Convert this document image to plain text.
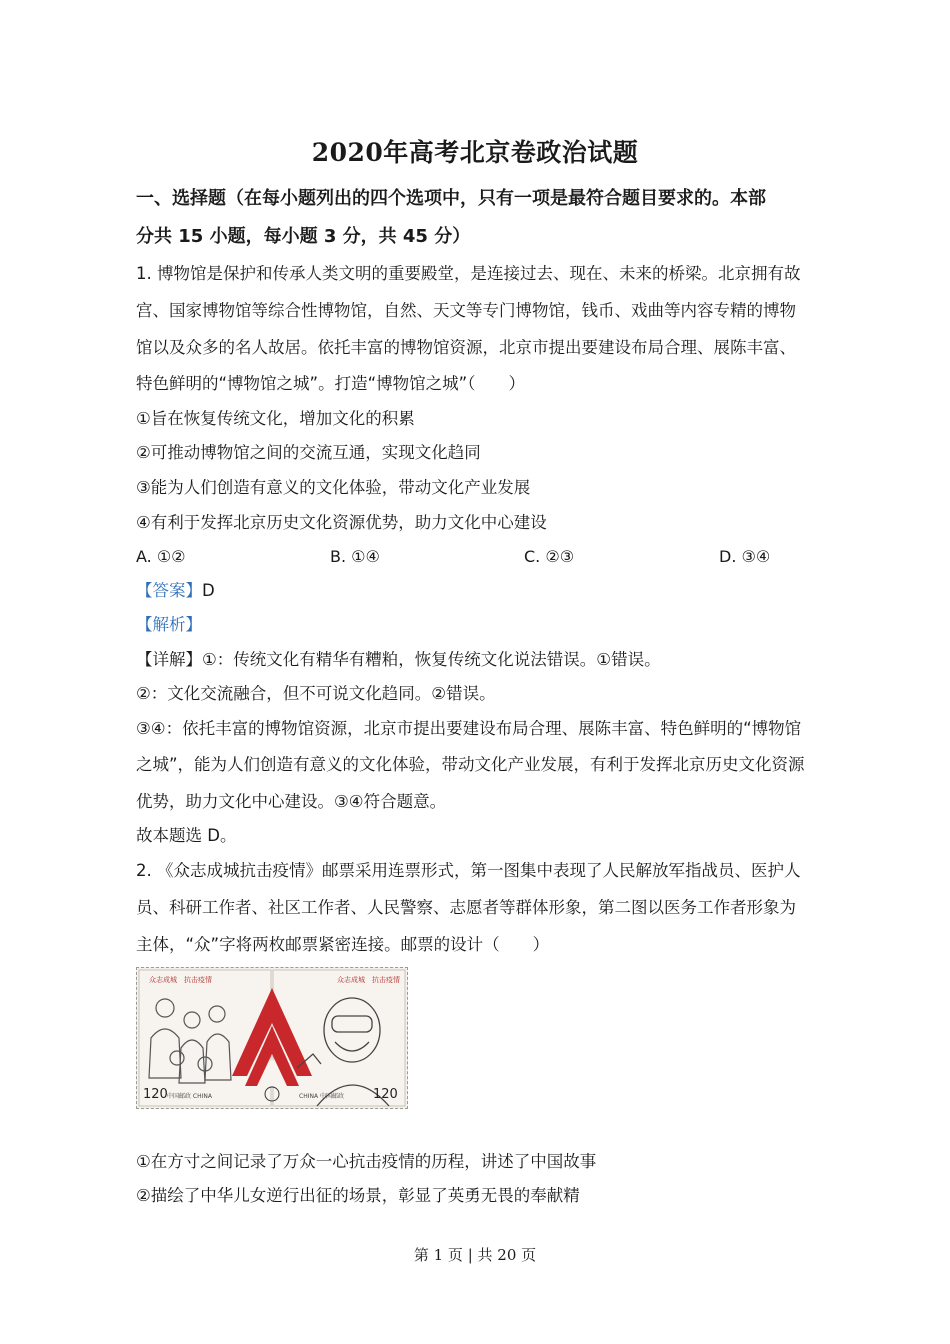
2020年高考北京卷政治试题
一、选择题（在每小题列出的四个选项中，只有一项是最符合题目要求的。本部
分共 15 小题，每小题 3 分，共 45 分）
1. 博物馆是保护和传承人类文明的重要殿堂，是连接过去、现在、未来的桥梁。北京拥有故
宫、国家博物馆等综合性博物馆，自然、天文等专门博物馆，钱币、戏曲等内容专精的博物
馆以及众多的名人故居。依托丰富的博物馆资源，北京市提出要建设布局合理、展陈丰富、
特色鲜明的“博物馆之城”。打造“博物馆之城”（　　）
①旨在恢复传统文化，增加文化的积累
②可推动博物馆之间的交流互通，实现文化趋同
③能为人们创造有意义的文化体验，带动文化产业发展
④有利于发挥北京历史文化资源优势，助力文化中心建设
A. ①②	B. ①④	C. ②③	D. ③④
【答案】D
【解析】
【详解】①：传统文化有精华有糟粕，恢复传统文化说法错误。①错误。
②：文化交流融合，但不可说文化趋同。②错误。
③④：依托丰富的博物馆资源，北京市提出要建设布局合理、展陈丰富、特色鲜明的“博物馆
之城”，能为人们创造有意义的文化体验，带动文化产业发展，有利于发挥北京历史文化资源
优势，助力文化中心建设。③④符合题意。
故本题选 D。
2. 《众志成城抗击疫情》邮票采用连票形式，第一图集中表现了人民解放军指战员、医护人
员、科研工作者、社区工作者、人民警察、志愿者等群体形象，第二图以医务工作者形象为
主体，“众”字将两枚邮票紧密连接。邮票的设计（　　）
众志成城　抗击疫情	众志成城　抗击疫情
120 中国邮政 CHINA	CHINA 中国邮政 120
①在方寸之间记录了万众一心抗击疫情的历程，讲述了中国故事
②描绘了中华儿女逆行出征的场景，彰显了英勇无畏的奉献精
第 1 页 | 共 20 页
